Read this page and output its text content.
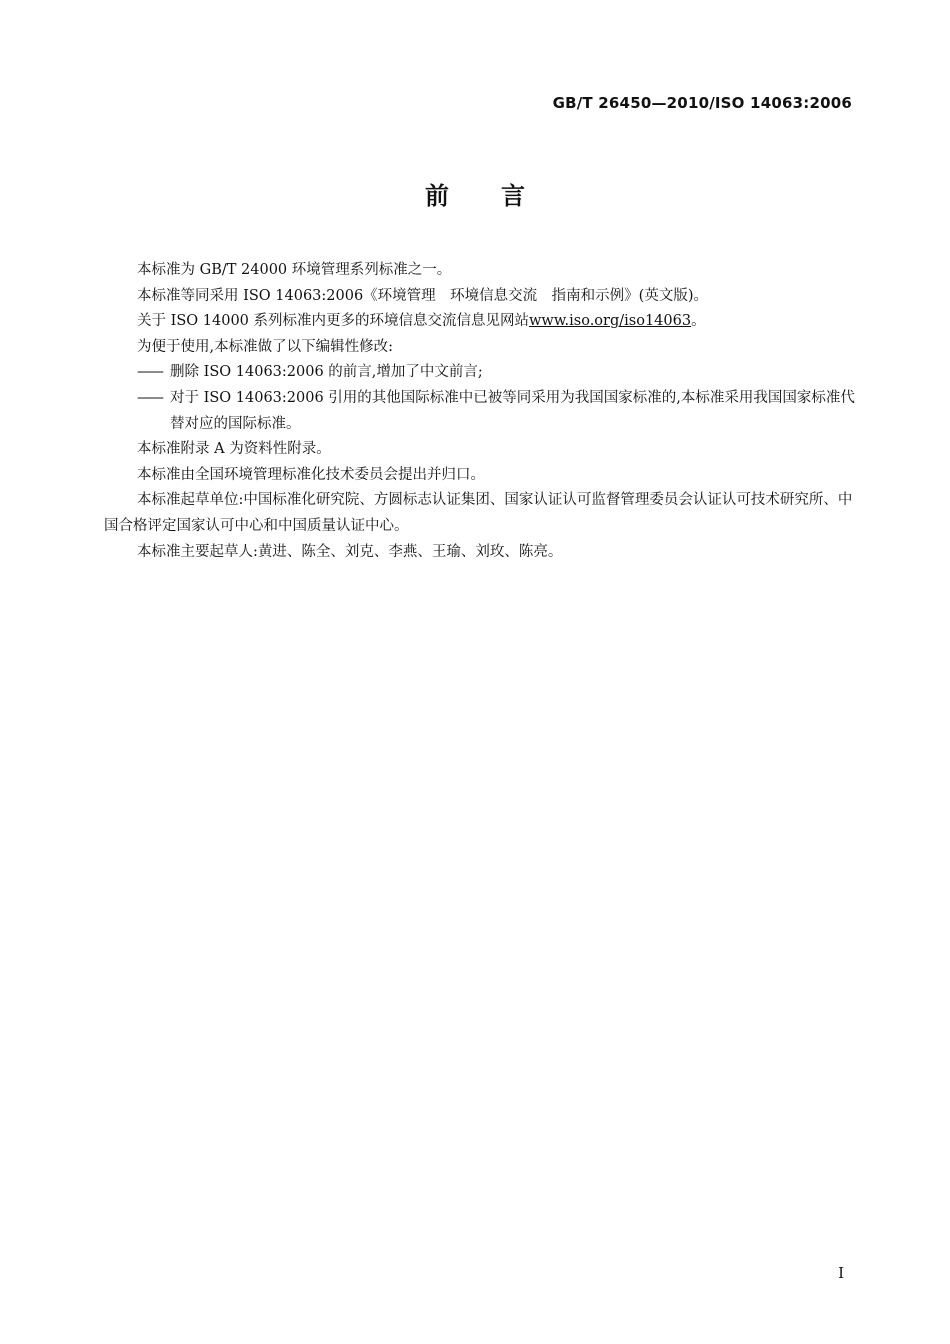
GB/T 26450—2010/ISO 14063:2006
前言

本标准为 GB/T 24000 环境管理系列标准之一。

本标准等同采用 ISO 14063:2006《环境管理　环境信息交流　指南和示例》(英文版)。

关于 ISO 14000 系列标准内更多的环境信息交流信息见网站www.iso.org/iso14063。

为便于使用,本标准做了以下编辑性修改:

—— 删除 ISO 14063:2006 的前言,增加了中文前言;

—— 对于 ISO 14063:2006 引用的其他国际标准中已被等同采用为我国国家标准的,本标准采用我国国家标准代替对应的国际标准。

本标准附录 A 为资料性附录。

本标准由全国环境管理标准化技术委员会提出并归口。

本标准起草单位:中国标准化研究院、方圆标志认证集团、国家认证认可监督管理委员会认证认可技术研究所、中国合格评定国家认可中心和中国质量认证中心。

本标准主要起草人:黄进、陈全、刘克、李燕、王瑜、刘玫、陈亮。

I
